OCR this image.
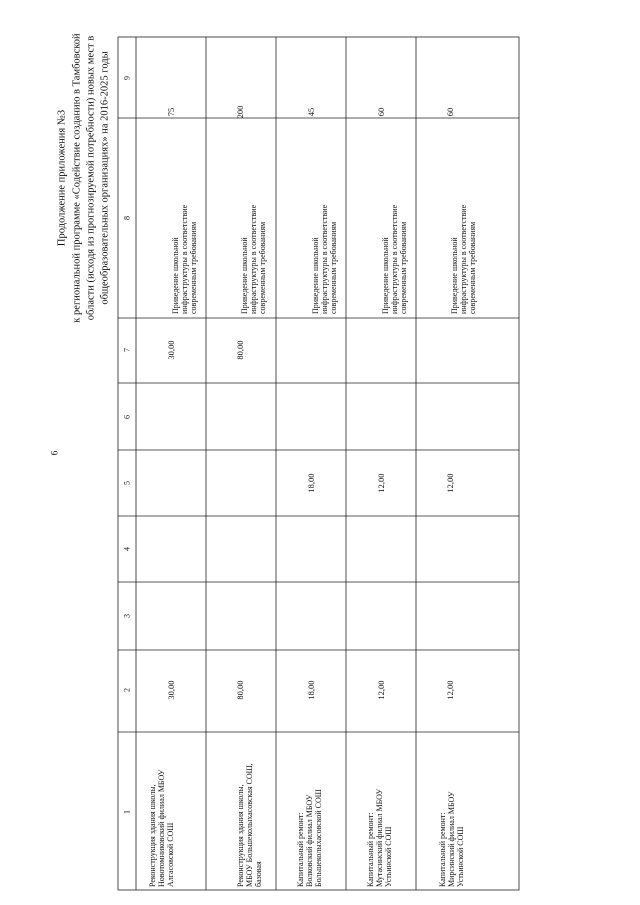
6
Продолжение приложения №3 к региональной программе «Содействие созданию в Тамбовской области (исходя из прогнозируемой потребности) новых мест в общеобразовательных организациях» на 2016-2025 годы
1
2
3
4
5
6
7
8
9
Реконструкция здания школы, Новотомниковский филиал МБОУ Алгасовской СОШ
30,00
30,00
Приведение школьной инфраструктуры в соответствие современным требованиям
75
Реконструкция здания школы, МБОУ Большеколыхасовская СОШ, базовая
80,00
80,00
Приведение школьной инфраструктуры в соответствие современным требованиям
200
Капитальный ремонт: Волковский филиал МБОУ Большеколыхасовской СОШ
18,00
18,00
Приведение школьной инфраструктуры в соответствие современным требованиям
45
Капитальный ремонт: Мутасинский филиал МБОУ Устьинской СОШ
12,00
12,00
Приведение школьной инфраструктуры в соответствие современным требованиям
60
Капитальный ремонт: Мирсинский филиал МБОУ Устьинской СОШ
12,00
12,00
Приведение школьной инфраструктуры в соответствие современным требованиям
60
